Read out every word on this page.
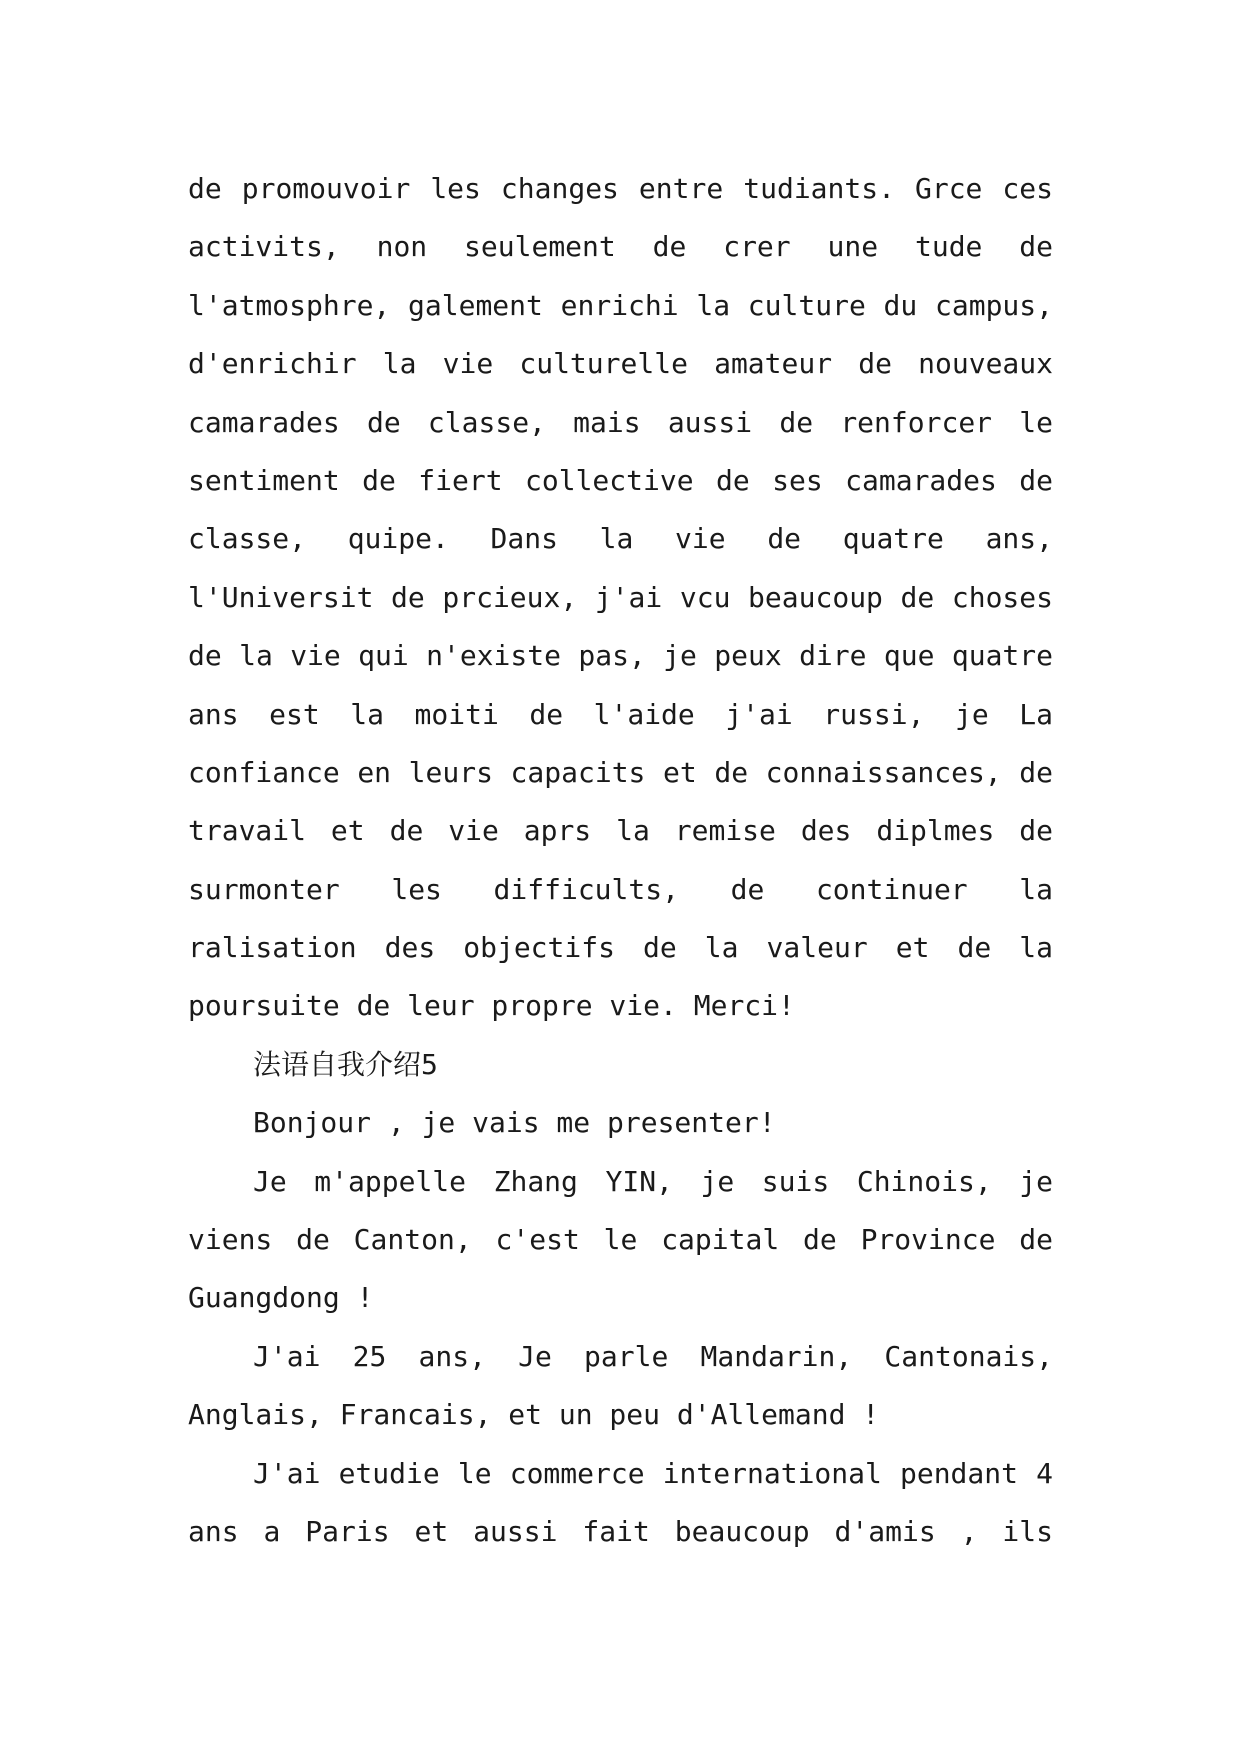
de promouvoir les changes entre tudiants. Grce ces
activits, non seulement de crer une tude de
l'atmosphre, galement enrichi la culture du campus,
d'enrichir la vie culturelle amateur de nouveaux
camarades de classe, mais aussi de renforcer le
sentiment de fiert collective de ses camarades de
classe, quipe. Dans la vie de quatre ans,
l'Universit de prcieux, j'ai vcu beaucoup de choses
de la vie qui n'existe pas, je peux dire que quatre
ans est la moiti de l'aide j'ai russi, je La
confiance en leurs capacits et de connaissances, de
travail et de vie aprs la remise des diplmes de
surmonter les difficults, de continuer la
ralisation des objectifs de la valeur et de la
poursuite de leur propre vie. Merci!
法语自我介绍5
Bonjour , je vais me presenter!
Je m'appelle Zhang YIN, je suis Chinois, je
viens de Canton, c'est le capital de Province de
Guangdong !
J'ai 25 ans, Je parle Mandarin, Cantonais,
Anglais, Francais, et un peu d'Allemand !
J'ai etudie le commerce international pendant 4
ans a Paris et aussi fait beaucoup d'amis , ils
